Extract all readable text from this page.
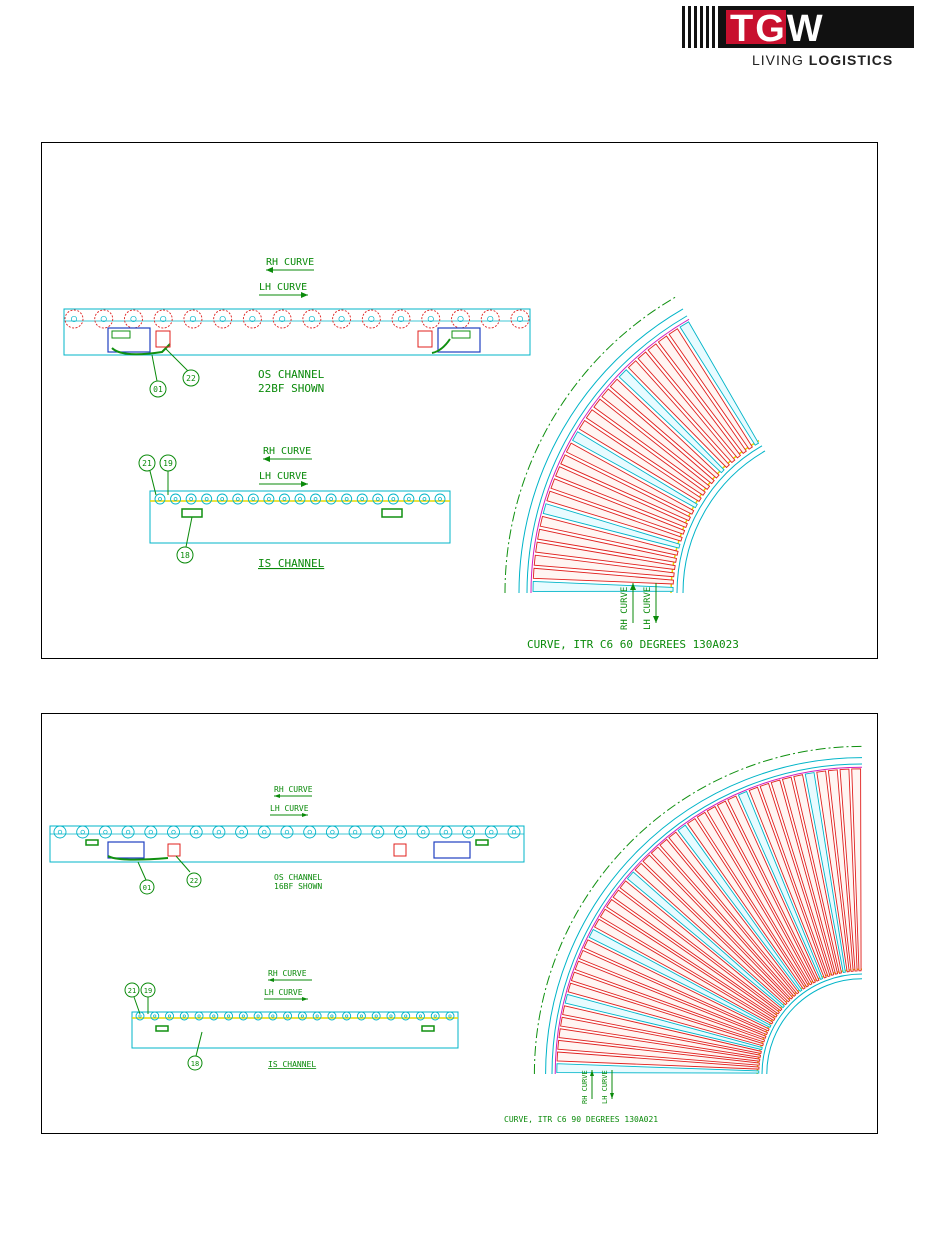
TGW
LIVING LOGISTICS
RH CURVE
LH CURVE
01
22	OS CHANNEL
22BF SHOWN
RH CURVE
LH CURVE
21 19
18
IS CHANNEL
RH CURVE LH CURVE
CURVE, ITR C6 60 DEGREES 130A023
RH CURVE
LH CURVE
01
22	OS CHANNEL
16BF SHOWN
RH CURVE
LH CURVE
21 19
18	IS CHANNEL
RH CURVE LH CURVE
CURVE, ITR C6 90 DEGREES 130A021
